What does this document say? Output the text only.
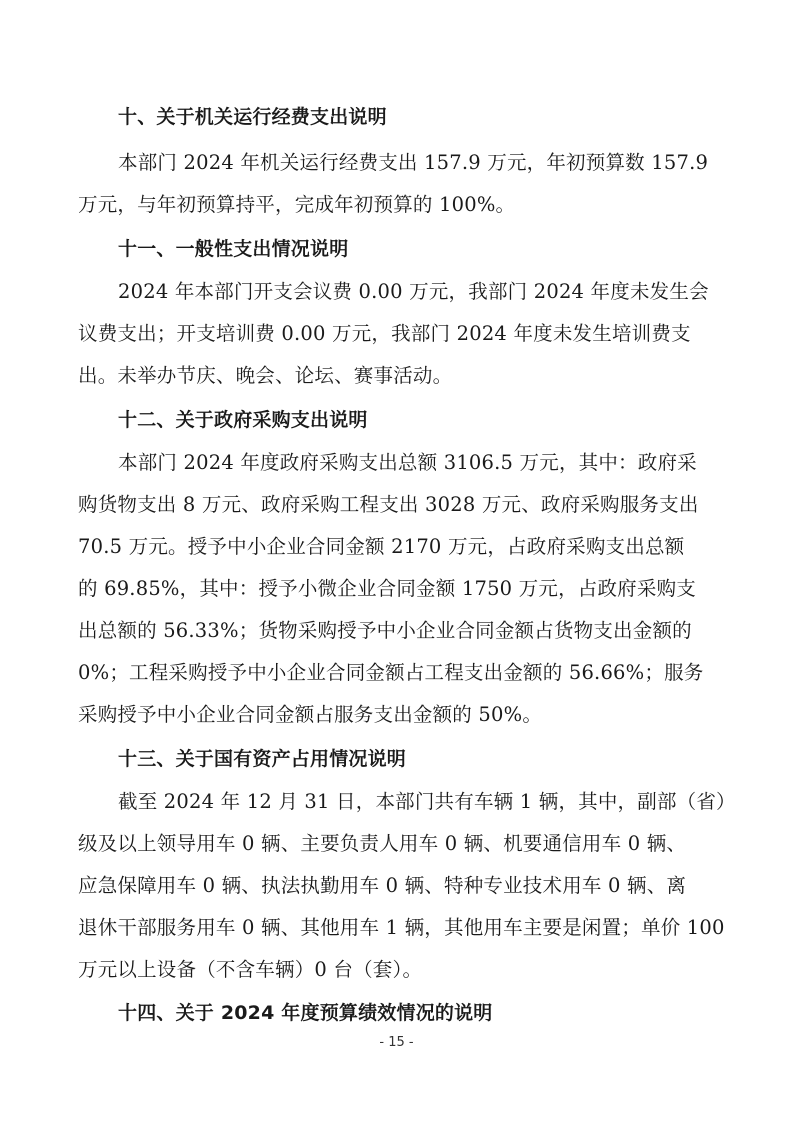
十、关于机关运行经费支出说明
本部门 2024 年机关运行经费支出 157.9 万元，年初预算数 157.9
万元，与年初预算持平，完成年初预算的 100%。
十一、一般性支出情况说明
2024 年本部门开支会议费 0.00 万元，我部门 2024 年度未发生会
议费支出；开支培训费 0.00 万元，我部门 2024 年度未发生培训费支
出。未举办节庆、晚会、论坛、赛事活动。
十二、关于政府采购支出说明
本部门 2024 年度政府采购支出总额 3106.5 万元，其中：政府采
购货物支出 8 万元、政府采购工程支出 3028 万元、政府采购服务支出
70.5 万元。授予中小企业合同金额 2170 万元，占政府采购支出总额
的 69.85%，其中：授予小微企业合同金额 1750 万元，占政府采购支
出总额的 56.33%；货物采购授予中小企业合同金额占货物支出金额的
0%；工程采购授予中小企业合同金额占工程支出金额的 56.66%；服务
采购授予中小企业合同金额占服务支出金额的 50%。
十三、关于国有资产占用情况说明
截至 2024 年 12 月 31 日，本部门共有车辆 1 辆，其中，副部（省）
级及以上领导用车 0 辆、主要负责人用车 0 辆、机要通信用车 0 辆、
应急保障用车 0 辆、执法执勤用车 0 辆、特种专业技术用车 0 辆、离
退休干部服务用车 0 辆、其他用车 1 辆，其他用车主要是闲置；单价 100
万元以上设备（不含车辆）0 台（套）。
十四、关于 2024 年度预算绩效情况的说明
- 15 -
